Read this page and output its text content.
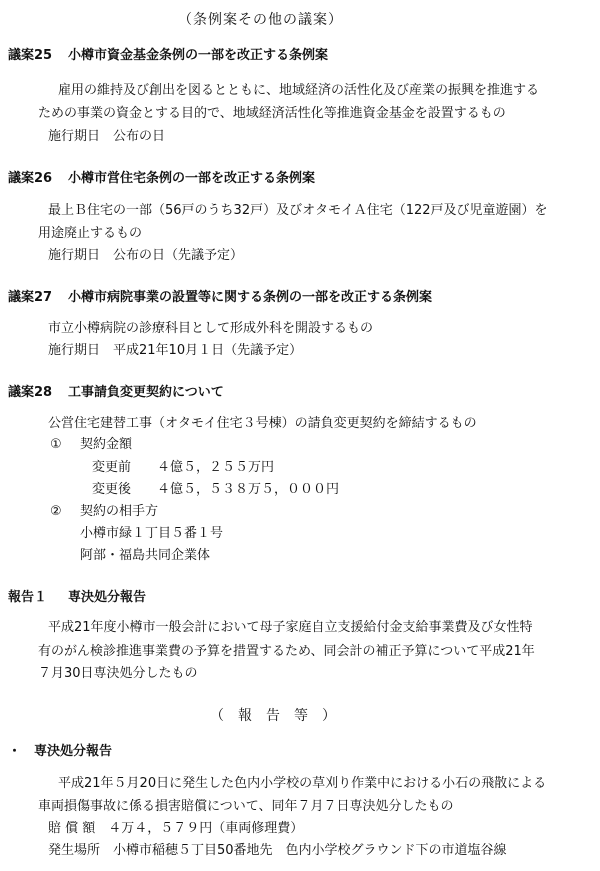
（条例案その他の議案）
議案25 小樽市資金基金条例の一部を改正する条例案
雇用の維持及び創出を図るとともに、地域経済の活性化及び産業の振興を推進する
ための事業の資金とする目的で、地域経済活性化等推進資金基金を設置するもの
施行期日　公布の日
議案26 小樽市営住宅条例の一部を改正する条例案
最上Ｂ住宅の一部（56戸のうち32戸）及びオタモイＡ住宅（122戸及び児童遊園）を
用途廃止するもの
施行期日　公布の日（先議予定）
議案27 小樽市病院事業の設置等に関する条例の一部を改正する条例案
市立小樽病院の診療科目として形成外科を開設するもの
施行期日　平成21年10月１日（先議予定）
議案28 工事請負変更契約について
公営住宅建替工事（オタモイ住宅３号棟）の請負変更契約を締結するもの
① 契約金額
変更前　　４億５，２５５万円
変更後　　４億５，５３８万５，０００円
② 契約の相手方
小樽市緑１丁目５番１号
阿部・福島共同企業体
報告１ 専決処分報告
平成21年度小樽市一般会計において母子家庭自立支援給付金支給事業費及び女性特
有のがん検診推進事業費の予算を措置するため、同会計の補正予算について平成21年
７月30日専決処分したもの
（報告等）
・ 専決処分報告
平成21年５月20日に発生した色内小学校の草刈り作業中における小石の飛散による
車両損傷事故に係る損害賠償について、同年７月７日専決処分したもの
賠 償 額　４万４，５７９円（車両修理費）
発生場所　小樽市稲穂５丁目50番地先　色内小学校グラウンド下の市道塩谷線
